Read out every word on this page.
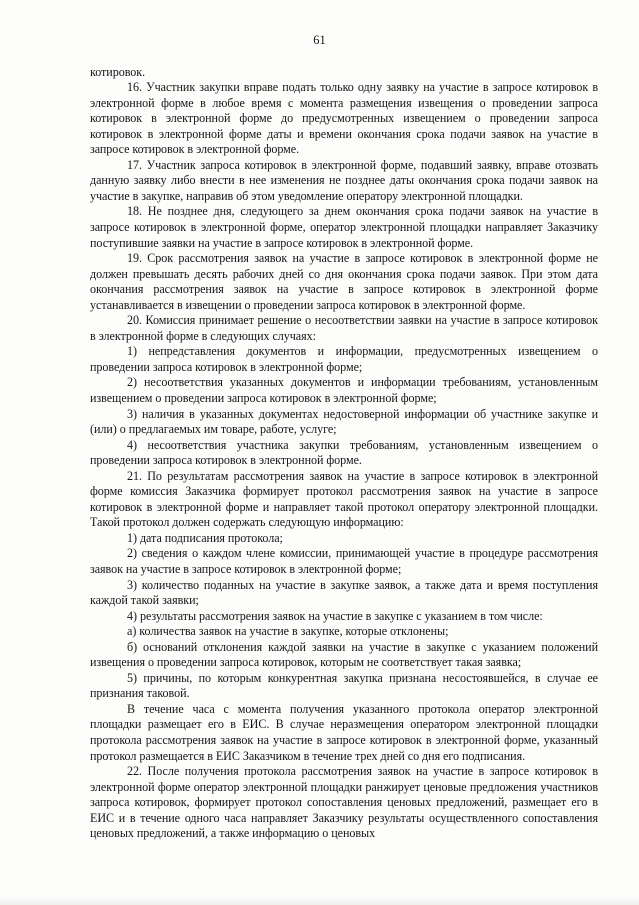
61

котировок.

16. Участник закупки вправе подать только одну заявку на участие в запросе котировок в электронной форме в любое время с момента размещения извещения о проведении запроса котировок в электронной форме до предусмотренных извещением о проведении запроса котировок в электронной форме даты и времени окончания срока подачи заявок на участие в запросе котировок в электронной форме.

17. Участник запроса котировок в электронной форме, подавший заявку, вправе отозвать данную заявку либо внести в нее изменения не позднее даты окончания срока подачи заявок на участие в закупке, направив об этом уведомление оператору электронной площадки.

18. Не позднее дня, следующего за днем окончания срока подачи заявок на участие в запросе котировок в электронной форме, оператор электронной площадки направляет Заказчику поступившие заявки на участие в запросе котировок в электронной форме.

19. Срок рассмотрения заявок на участие в запросе котировок в электронной форме не должен превышать десять рабочих дней со дня окончания срока подачи заявок. При этом дата окончания рассмотрения заявок на участие в запросе котировок в электронной форме устанавливается в извещении о проведении запроса котировок в электронной форме.

20. Комиссия принимает решение о несоответствии заявки на участие в запросе котировок в электронной форме в следующих случаях:

1) непредставления документов и информации, предусмотренных извещением о проведении запроса котировок в электронной форме;

2) несоответствия указанных документов и информации требованиям, установленным извещением о проведении запроса котировок в электронной форме;

3) наличия в указанных документах недостоверной информации об участнике закупке и (или) о предлагаемых им товаре, работе, услуге;

4) несоответствия участника закупки требованиям, установленным извещением о проведении запроса котировок в электронной форме.

21. По результатам рассмотрения заявок на участие в запросе котировок в электронной форме комиссия Заказчика формирует протокол рассмотрения заявок на участие в запросе котировок в электронной форме и направляет такой протокол оператору электронной площадки. Такой протокол должен содержать следующую информацию:

1) дата подписания протокола;

2) сведения о каждом члене комиссии, принимающей участие в процедуре рассмотрения заявок на участие в запросе котировок в электронной форме;

3) количество поданных на участие в закупке заявок, а также дата и время поступления каждой такой заявки;

4) результаты рассмотрения заявок на участие в закупке с указанием в том числе:

а) количества заявок на участие в закупке, которые отклонены;

б) оснований отклонения каждой заявки на участие в закупке с указанием положений извещения о проведении запроса котировок, которым не соответствует такая заявка;

5) причины, по которым конкурентная закупка признана несостоявшейся, в случае ее признания таковой.

В течение часа с момента получения указанного протокола оператор электронной площадки размещает его в ЕИС. В случае неразмещения оператором электронной площадки протокола рассмотрения заявок на участие в запросе котировок в электронной форме, указанный протокол размещается в ЕИС Заказчиком в течение трех дней со дня его подписания.

22. После получения протокола рассмотрения заявок на участие в запросе котировок в электронной форме оператор электронной площадки ранжирует ценовые предложения участников запроса котировок, формирует протокол сопоставления ценовых предложений, размещает его в ЕИС и в течение одного часа направляет Заказчику результаты осуществленного сопоставления ценовых предложений, а также информацию о ценовых
